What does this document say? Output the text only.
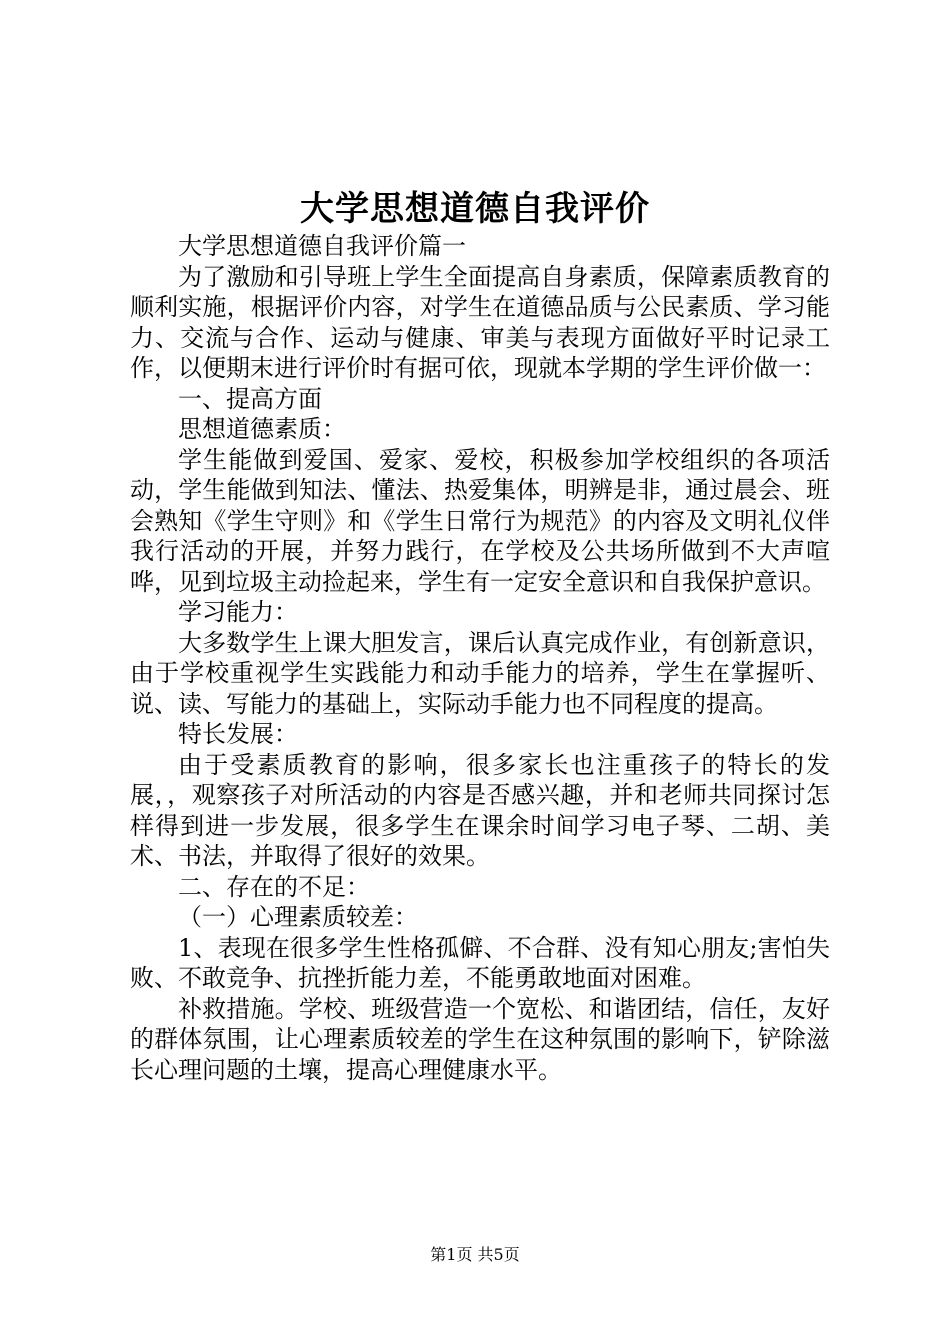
大学思想道德自我评价

大学思想道德自我评价篇一

为了激励和引导班上学生全面提高自身素质，保障素质教育的顺利实施，根据评价内容，对学生在道德品质与公民素质、学习能力、交流与合作、运动与健康、审美与表现方面做好平时记录工作，以便期末进行评价时有据可依，现就本学期的学生评价做一：

一、提高方面

思想道德素质：

学生能做到爱国、爱家、爱校，积极参加学校组织的各项活动，学生能做到知法、懂法、热爱集体，明辨是非，通过晨会、班会熟知《学生守则》和《学生日常行为规范》的内容及文明礼仪伴我行活动的开展，并努力践行，在学校及公共场所做到不大声喧哗，见到垃圾主动捡起来，学生有一定安全意识和自我保护意识。

学习能力：

大多数学生上课大胆发言，课后认真完成作业，有创新意识，由于学校重视学生实践能力和动手能力的培养，学生在掌握听、说、读、写能力的基础上，实际动手能力也不同程度的提高。

特长发展：

由于受素质教育的影响，很多家长也注重孩子的特长的发展，，观察孩子对所活动的内容是否感兴趣，并和老师共同探讨怎样得到进一步发展，很多学生在课余时间学习电子琴、二胡、美术、书法，并取得了很好的效果。

二、存在的不足：

（一）心理素质较差：

1、表现在很多学生性格孤僻、不合群、没有知心朋友;害怕失败、不敢竞争、抗挫折能力差，不能勇敢地面对困难。

补救措施。学校、班级营造一个宽松、和谐团结，信任，友好的群体氛围，让心理素质较差的学生在这种氛围的影响下，铲除滋长心理问题的土壤，提高心理健康水平。

第1页 共5页
